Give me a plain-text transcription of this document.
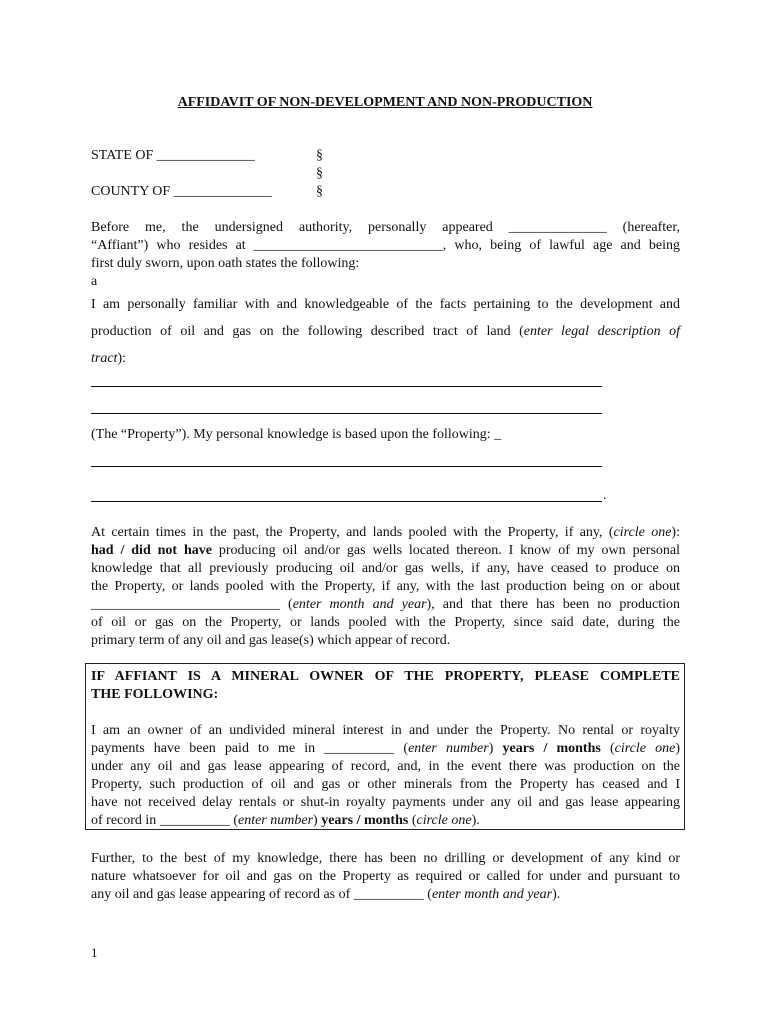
AFFIDAVIT OF NON-DEVELOPMENT AND NON-PRODUCTION
STATE OF ______________
COUNTY OF ______________
§
§
§
Before me, the undersigned authority, personally appeared ______________ (hereafter,
“Affiant”) who resides at ___________________________, who, being of lawful age and being
first duly sworn, upon oath states the following:
a
I am personally familiar with and knowledgeable of the facts pertaining to the development and
production of oil and gas on the following described tract of land (enter legal description of
tract):
(The “Property”). My personal knowledge is based upon the following: _
.
At certain times in the past, the Property, and lands pooled with the Property, if any, (circle one):
had / did not have producing oil and/or gas wells located thereon. I know of my own personal
knowledge that all previously producing oil and/or gas wells, if any, have ceased to produce on
the Property, or lands pooled with the Property, if any, with the last production being on or about
___________________________ (enter month and year), and that there has been no production
of oil or gas on the Property, or lands pooled with the Property, since said date, during the
primary term of any oil and gas lease(s) which appear of record.
IF AFFIANT IS A MINERAL OWNER OF THE PROPERTY, PLEASE COMPLETE
THE FOLLOWING:
I am an owner of an undivided mineral interest in and under the Property. No rental or royalty
payments have been paid to me in __________ (enter number) years / months (circle one)
under any oil and gas lease appearing of record, and, in the event there was production on the
Property, such production of oil and gas or other minerals from the Property has ceased and I
have not received delay rentals or shut-in royalty payments under any oil and gas lease appearing
of record in __________ (enter number) years / months (circle one).
Further, to the best of my knowledge, there has been no drilling or development of any kind or
nature whatsoever for oil and gas on the Property as required or called for under and pursuant to
any oil and gas lease appearing of record as of __________ (enter month and year).
1
